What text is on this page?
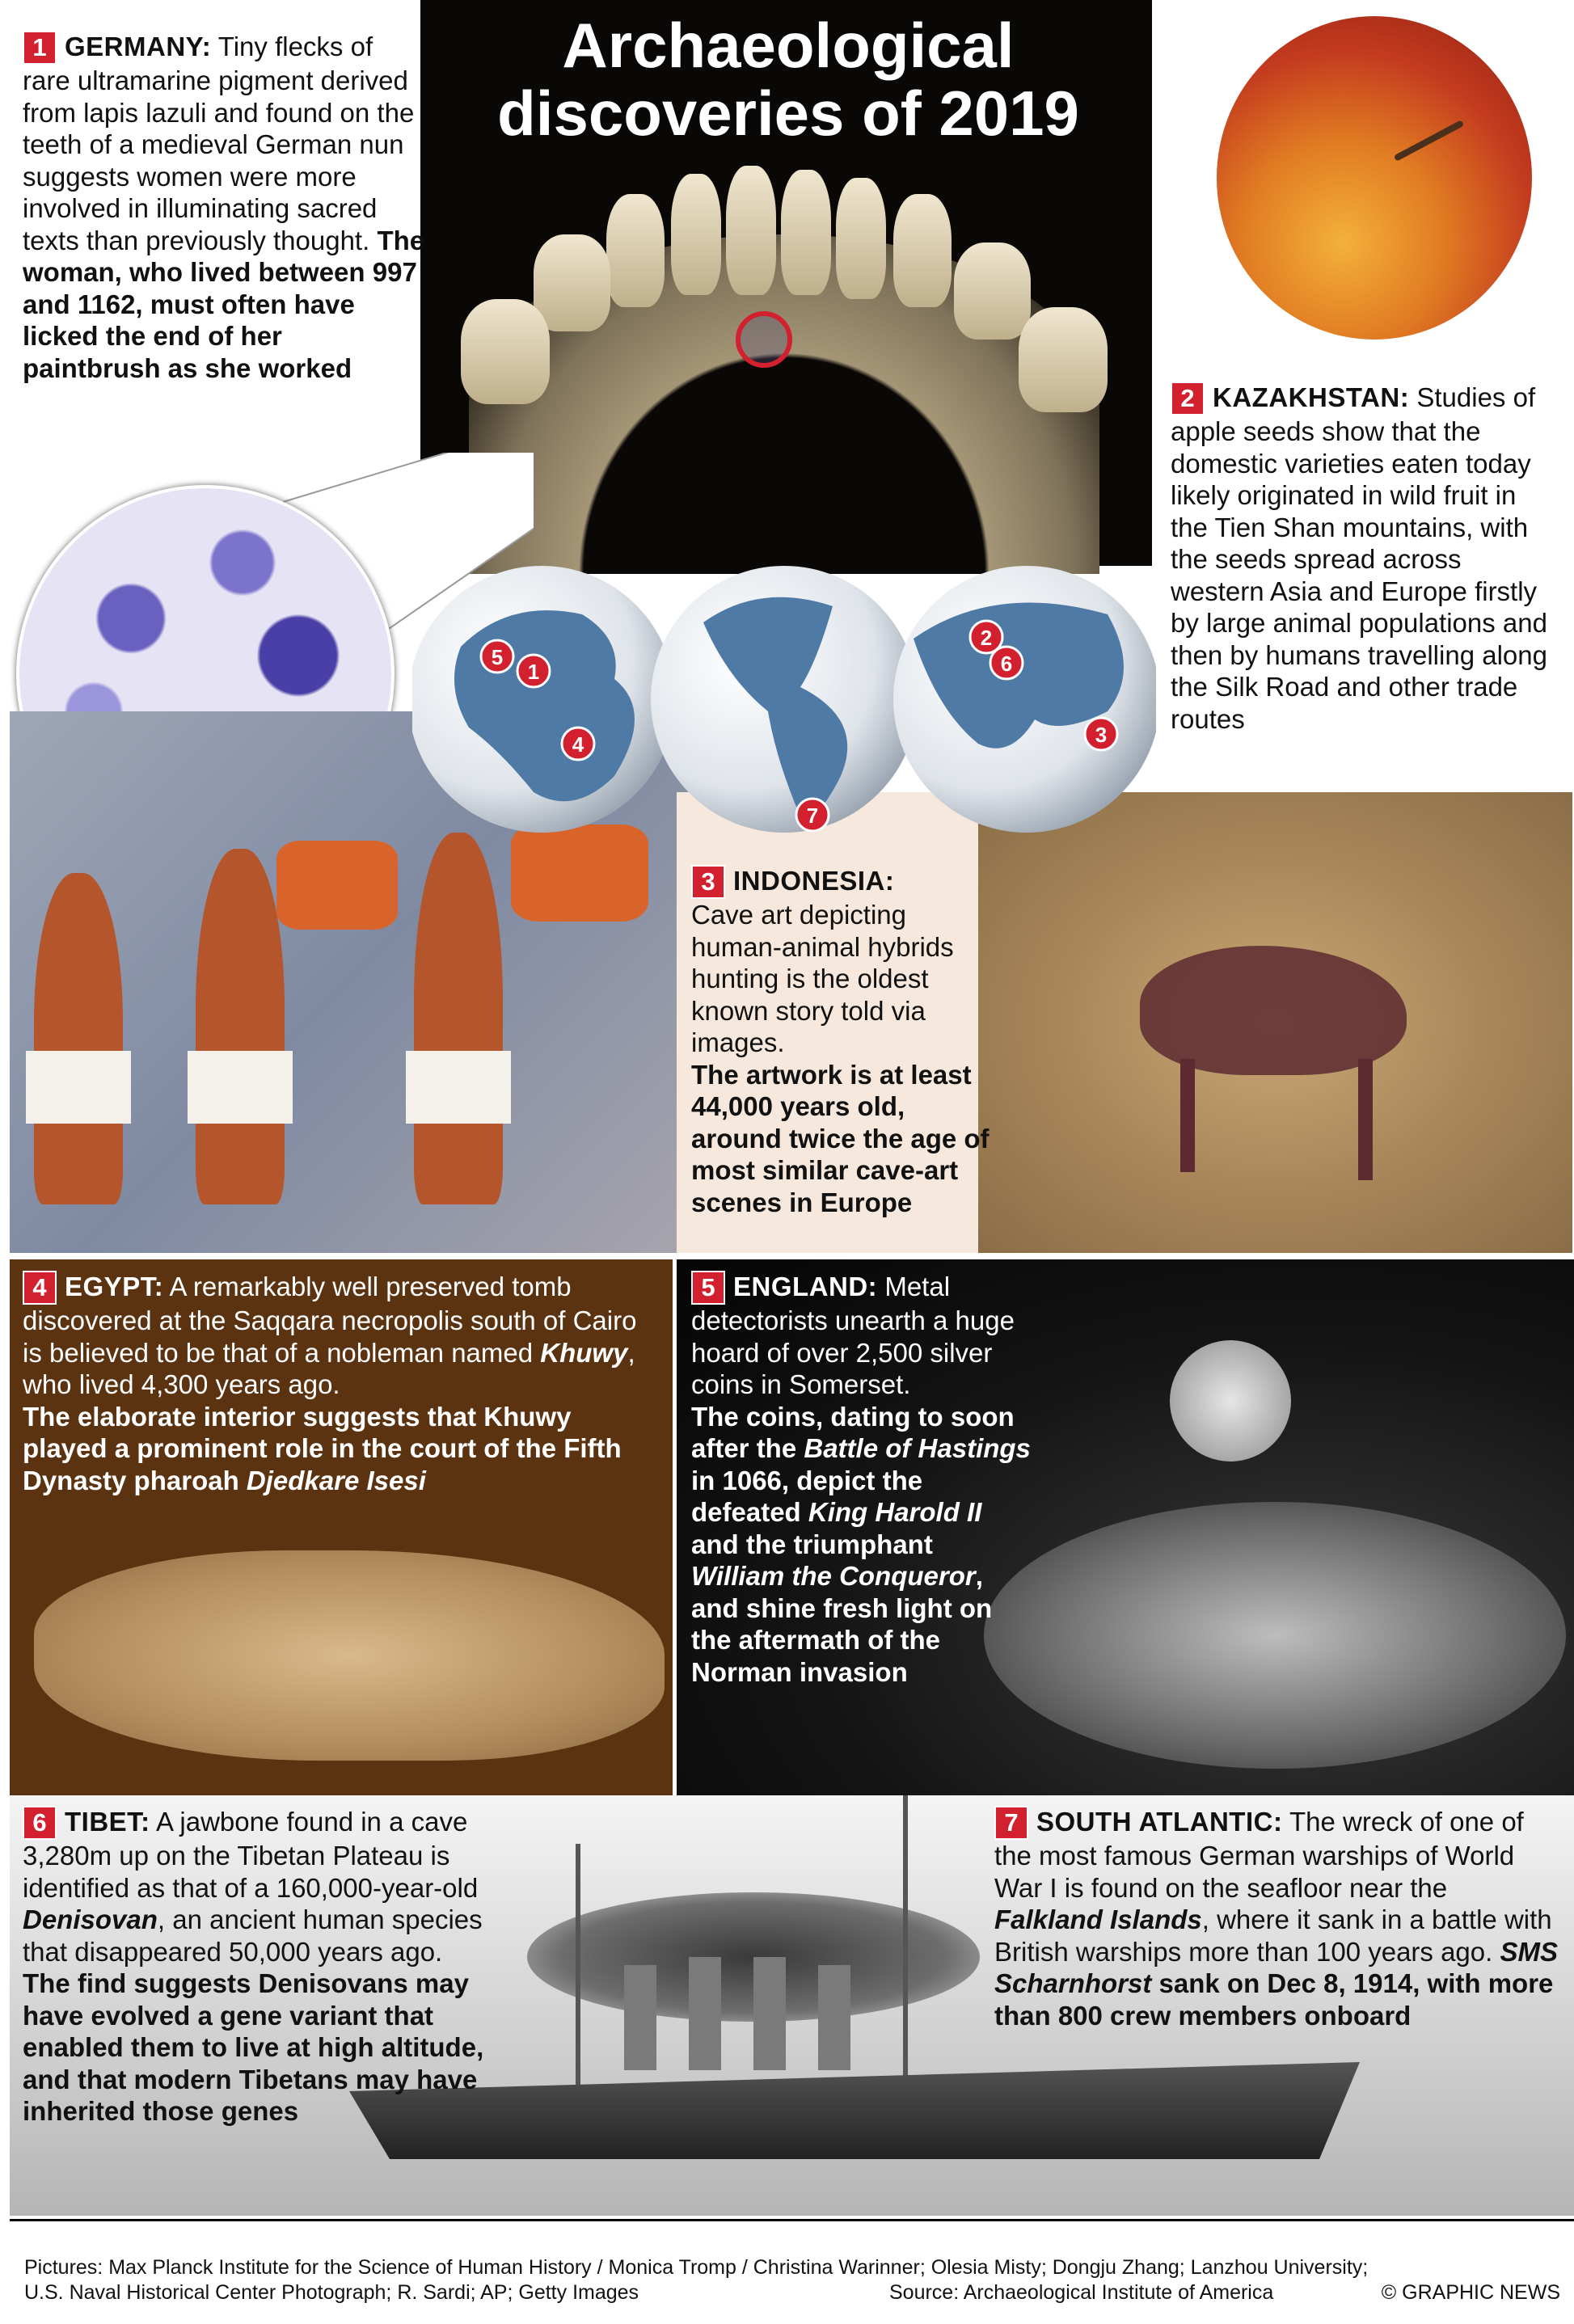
Archaeological discoveries of 2019
1 GERMANY: Tiny flecks of rare ultramarine pigment derived from lapis lazuli and found on the teeth of a medieval German nun suggests women were more involved in illuminating sacred texts than previously thought. The woman, who lived between 997 and 1162, must often have licked the end of her paintbrush as she worked
2 KAZAKHSTAN: Studies of apple seeds show that the domestic varieties eaten today likely originated in wild fruit in the Tien Shan mountains, with the seeds spread across western Asia and Europe firstly by large animal populations and then by humans travelling along the Silk Road and other trade routes
5
1
4
7
2
6
3
3 INDONESIA:
Cave art depicting human-animal hybrids hunting is the oldest known story told via images.
The artwork is at least 44,000 years old, around twice the age of most similar cave-art scenes in Europe
4 EGYPT: A remarkably well preserved tomb discovered at the Saqqara necropolis south of Cairo is believed to be that of a nobleman named Khuwy, who lived 4,300 years ago.
The elaborate interior suggests that Khuwy played a prominent role in the court of the Fifth Dynasty pharoah Djedkare Isesi
5 ENGLAND: Metal detectorists unearth a huge hoard of over 2,500 silver coins in Somerset.
The coins, dating to soon after the Battle of Hastings in 1066, depict the defeated King Harold II and the triumphant William the Conqueror, and shine fresh light on the aftermath of the Norman invasion
6 TIBET: A jawbone found in a cave 3,280m up on the Tibetan Plateau is identified as that of a 160,000-year-old Denisovan, an ancient human species that disappeared 50,000 years ago.
The find suggests Denisovans may have evolved a gene variant that enabled them to live at high altitude, and that modern Tibetans may have inherited those genes
7 SOUTH ATLANTIC: The wreck of one of the most famous German warships of World War I is found on the seafloor near the Falkland Islands, where it sank in a battle with British warships more than 100 years ago. SMS Scharnhorst sank on Dec 8, 1914, with more than 800 crew members onboard
Pictures: Max Planck Institute for the Science of Human History / Monica Tromp / Christina Warinner; Olesia Misty; Dongju Zhang; Lanzhou University;
U.S. Naval Historical Center Photograph; R. Sardi; AP; Getty Images	Source: Archaeological Institute of America	© GRAPHIC NEWS
